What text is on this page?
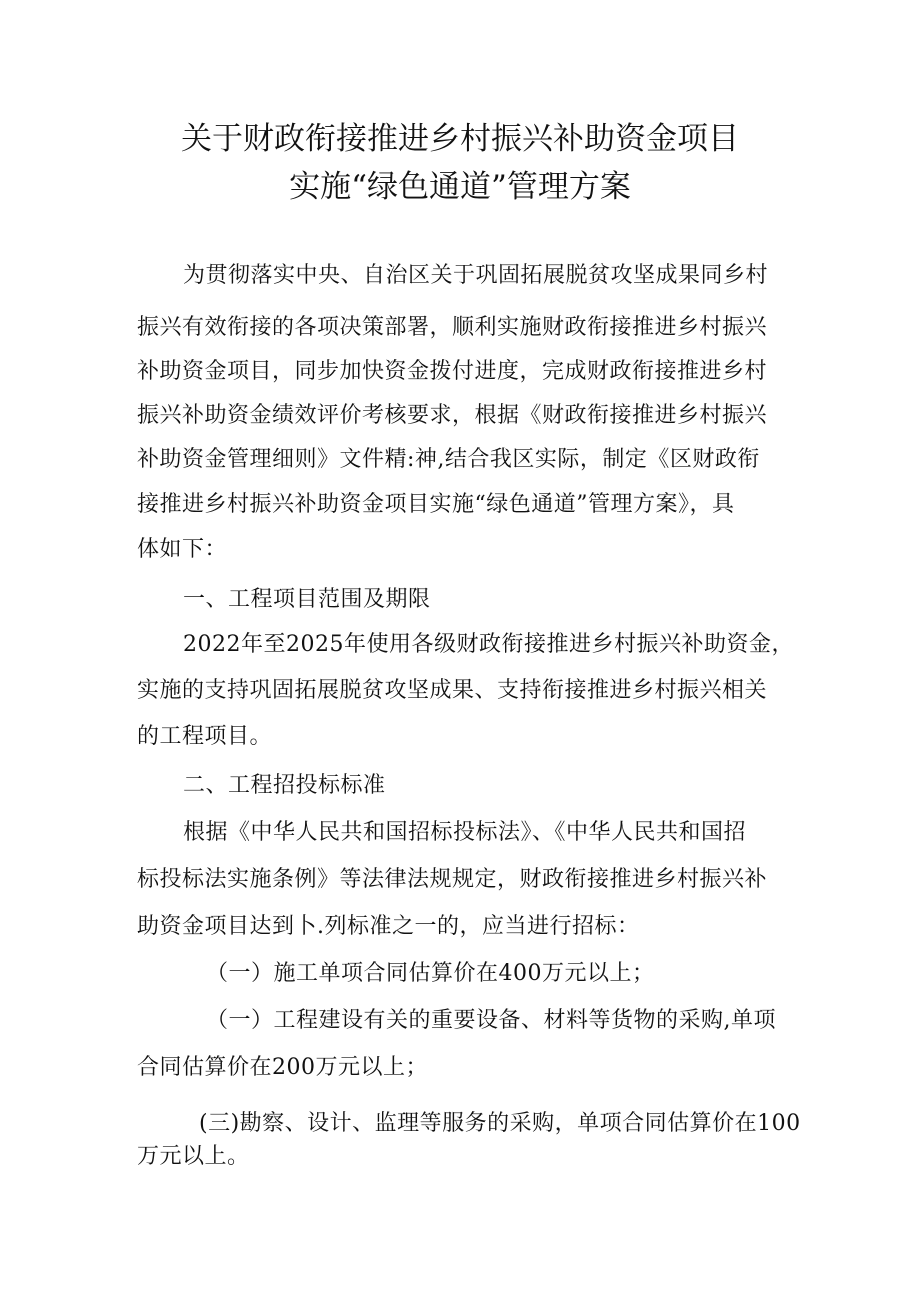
关于财政衔接推进乡村振兴补助资金项目
实施“绿色通道”管理方案

为贯彻落实中央、自治区关于巩固拓展脱贫攻坚成果同乡村

振兴有效衔接的各项决策部署，顺利实施财政衔接推进乡村振兴

补助资金项目，同步加快资金拨付进度，完成财政衔接推进乡村

振兴补助资金绩效评价考核要求，根据《财政衔接推进乡村振兴

补助资金管理细则》文件精:神,结合我区实际，制定《区财政衔

接推进乡村振兴补助资金项目实施“绿色通道”管理方案》，具

体如下：

一、工程项目范围及期限

2022年至2025年使用各级财政衔接推进乡村振兴补助资金，

实施的支持巩固拓展脱贫攻坚成果、支持衔接推进乡村振兴相关

的工程项目。

二、工程招投标标准

根据《中华人民共和国招标投标法》、《中华人民共和国招

标投标法实施条例》等法律法规规定，财政衔接推进乡村振兴补

助资金项目达到卜.列标准之一的，应当进行招标：

（一）施工单项合同估算价在400万元以上；

（一）工程建设有关的重要设备、材料等货物的采购,单项

合同估算价在200万元以上；

(三)勘察、设计、监理等服务的采购，单项合同估算价在100

万元以上。
